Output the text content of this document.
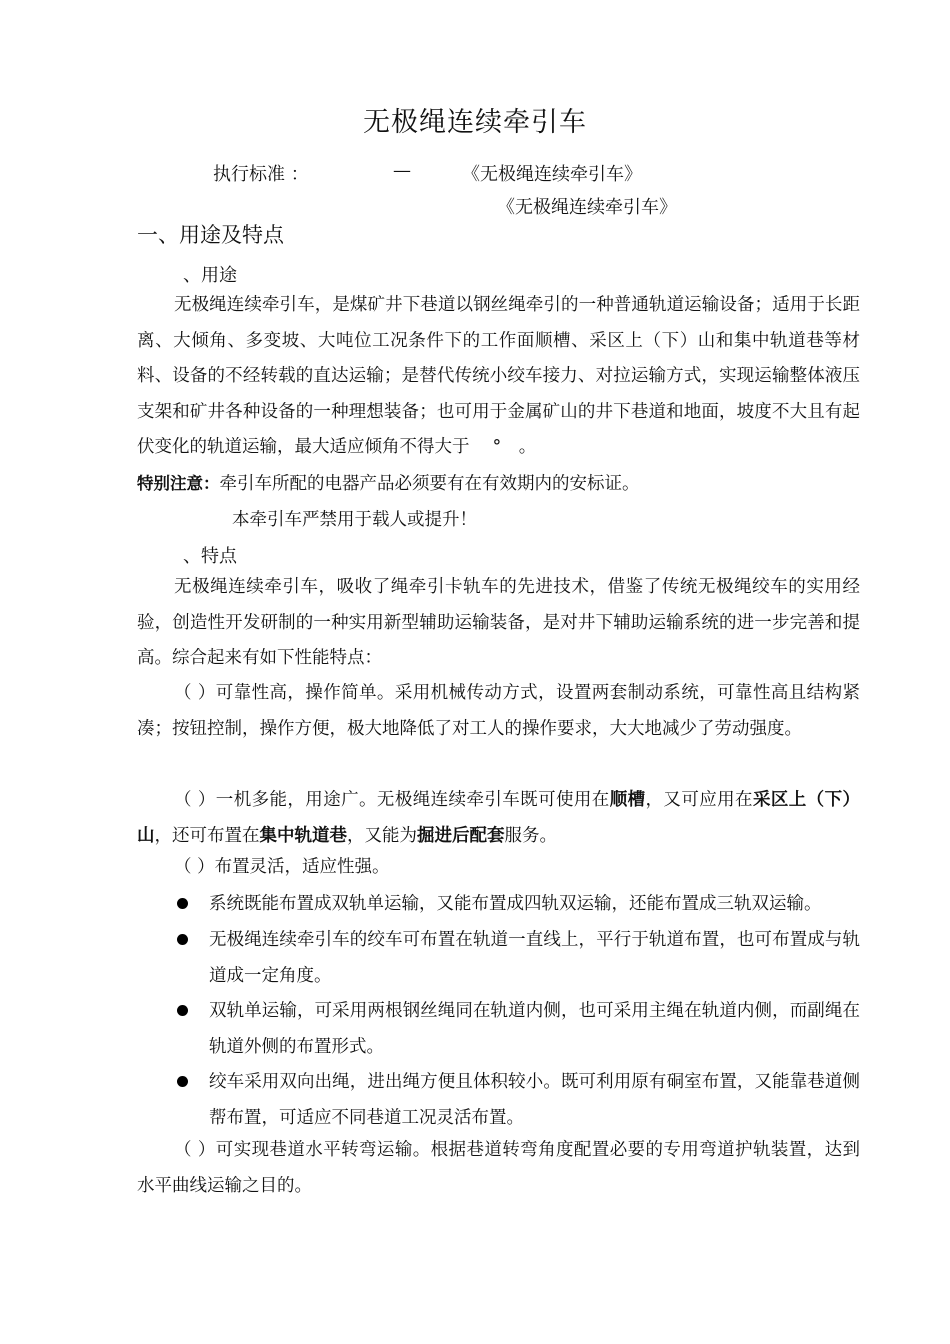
无极绳连续牵引车
执行标准 ：	—	《无极绳连续牵引车》
《无极绳连续牵引车》
一、用途及特点
、用途
无极绳连续牵引车，是煤矿井下巷道以钢丝绳牵引的一种普通轨道运输设备；适用于长距离、大倾角、多变坡、大吨位工况条件下的工作面顺槽、采区上（下）山和集中轨道巷等材料、设备的不经转载的直达运输；是替代传统小绞车接力、对拉运输方式，实现运输整体液压支架和矿井各种设备的一种理想装备；也可用于金属矿山的井下巷道和地面，坡度不大且有起伏变化的轨道运输，最大适应倾角不得大于　 °　。
特别注意：牵引车所配的电器产品必须要有在有效期内的安标证。
本牵引车严禁用于载人或提升！
、特点
无极绳连续牵引车，吸收了绳牵引卡轨车的先进技术，借鉴了传统无极绳绞车的实用经验，创造性开发研制的一种实用新型辅助运输装备，是对井下辅助运输系统的进一步完善和提高。综合起来有如下性能特点：
（ ）可靠性高，操作简单。采用机械传动方式，设置两套制动系统，可靠性高且结构紧凑；按钮控制，操作方便，极大地降低了对工人的操作要求，大大地减少了劳动强度。
（ ）一机多能，用途广。无极绳连续牵引车既可使用在顺槽，又可应用在采区上（下）山，还可布置在集中轨道巷，又能为掘进后配套服务。
（ ）布置灵活，适应性强。
系统既能布置成双轨单运输，又能布置成四轨双运输，还能布置成三轨双运输。
无极绳连续牵引车的绞车可布置在轨道一直线上，平行于轨道布置，也可布置成与轨道成一定角度。
双轨单运输，可采用两根钢丝绳同在轨道内侧，也可采用主绳在轨道内侧，而副绳在轨道外侧的布置形式。
绞车采用双向出绳，进出绳方便且体积较小。既可利用原有硐室布置，又能靠巷道侧帮布置，可适应不同巷道工况灵活布置。
（ ）可实现巷道水平转弯运输。根据巷道转弯角度配置必要的专用弯道护轨装置，达到水平曲线运输之目的。
